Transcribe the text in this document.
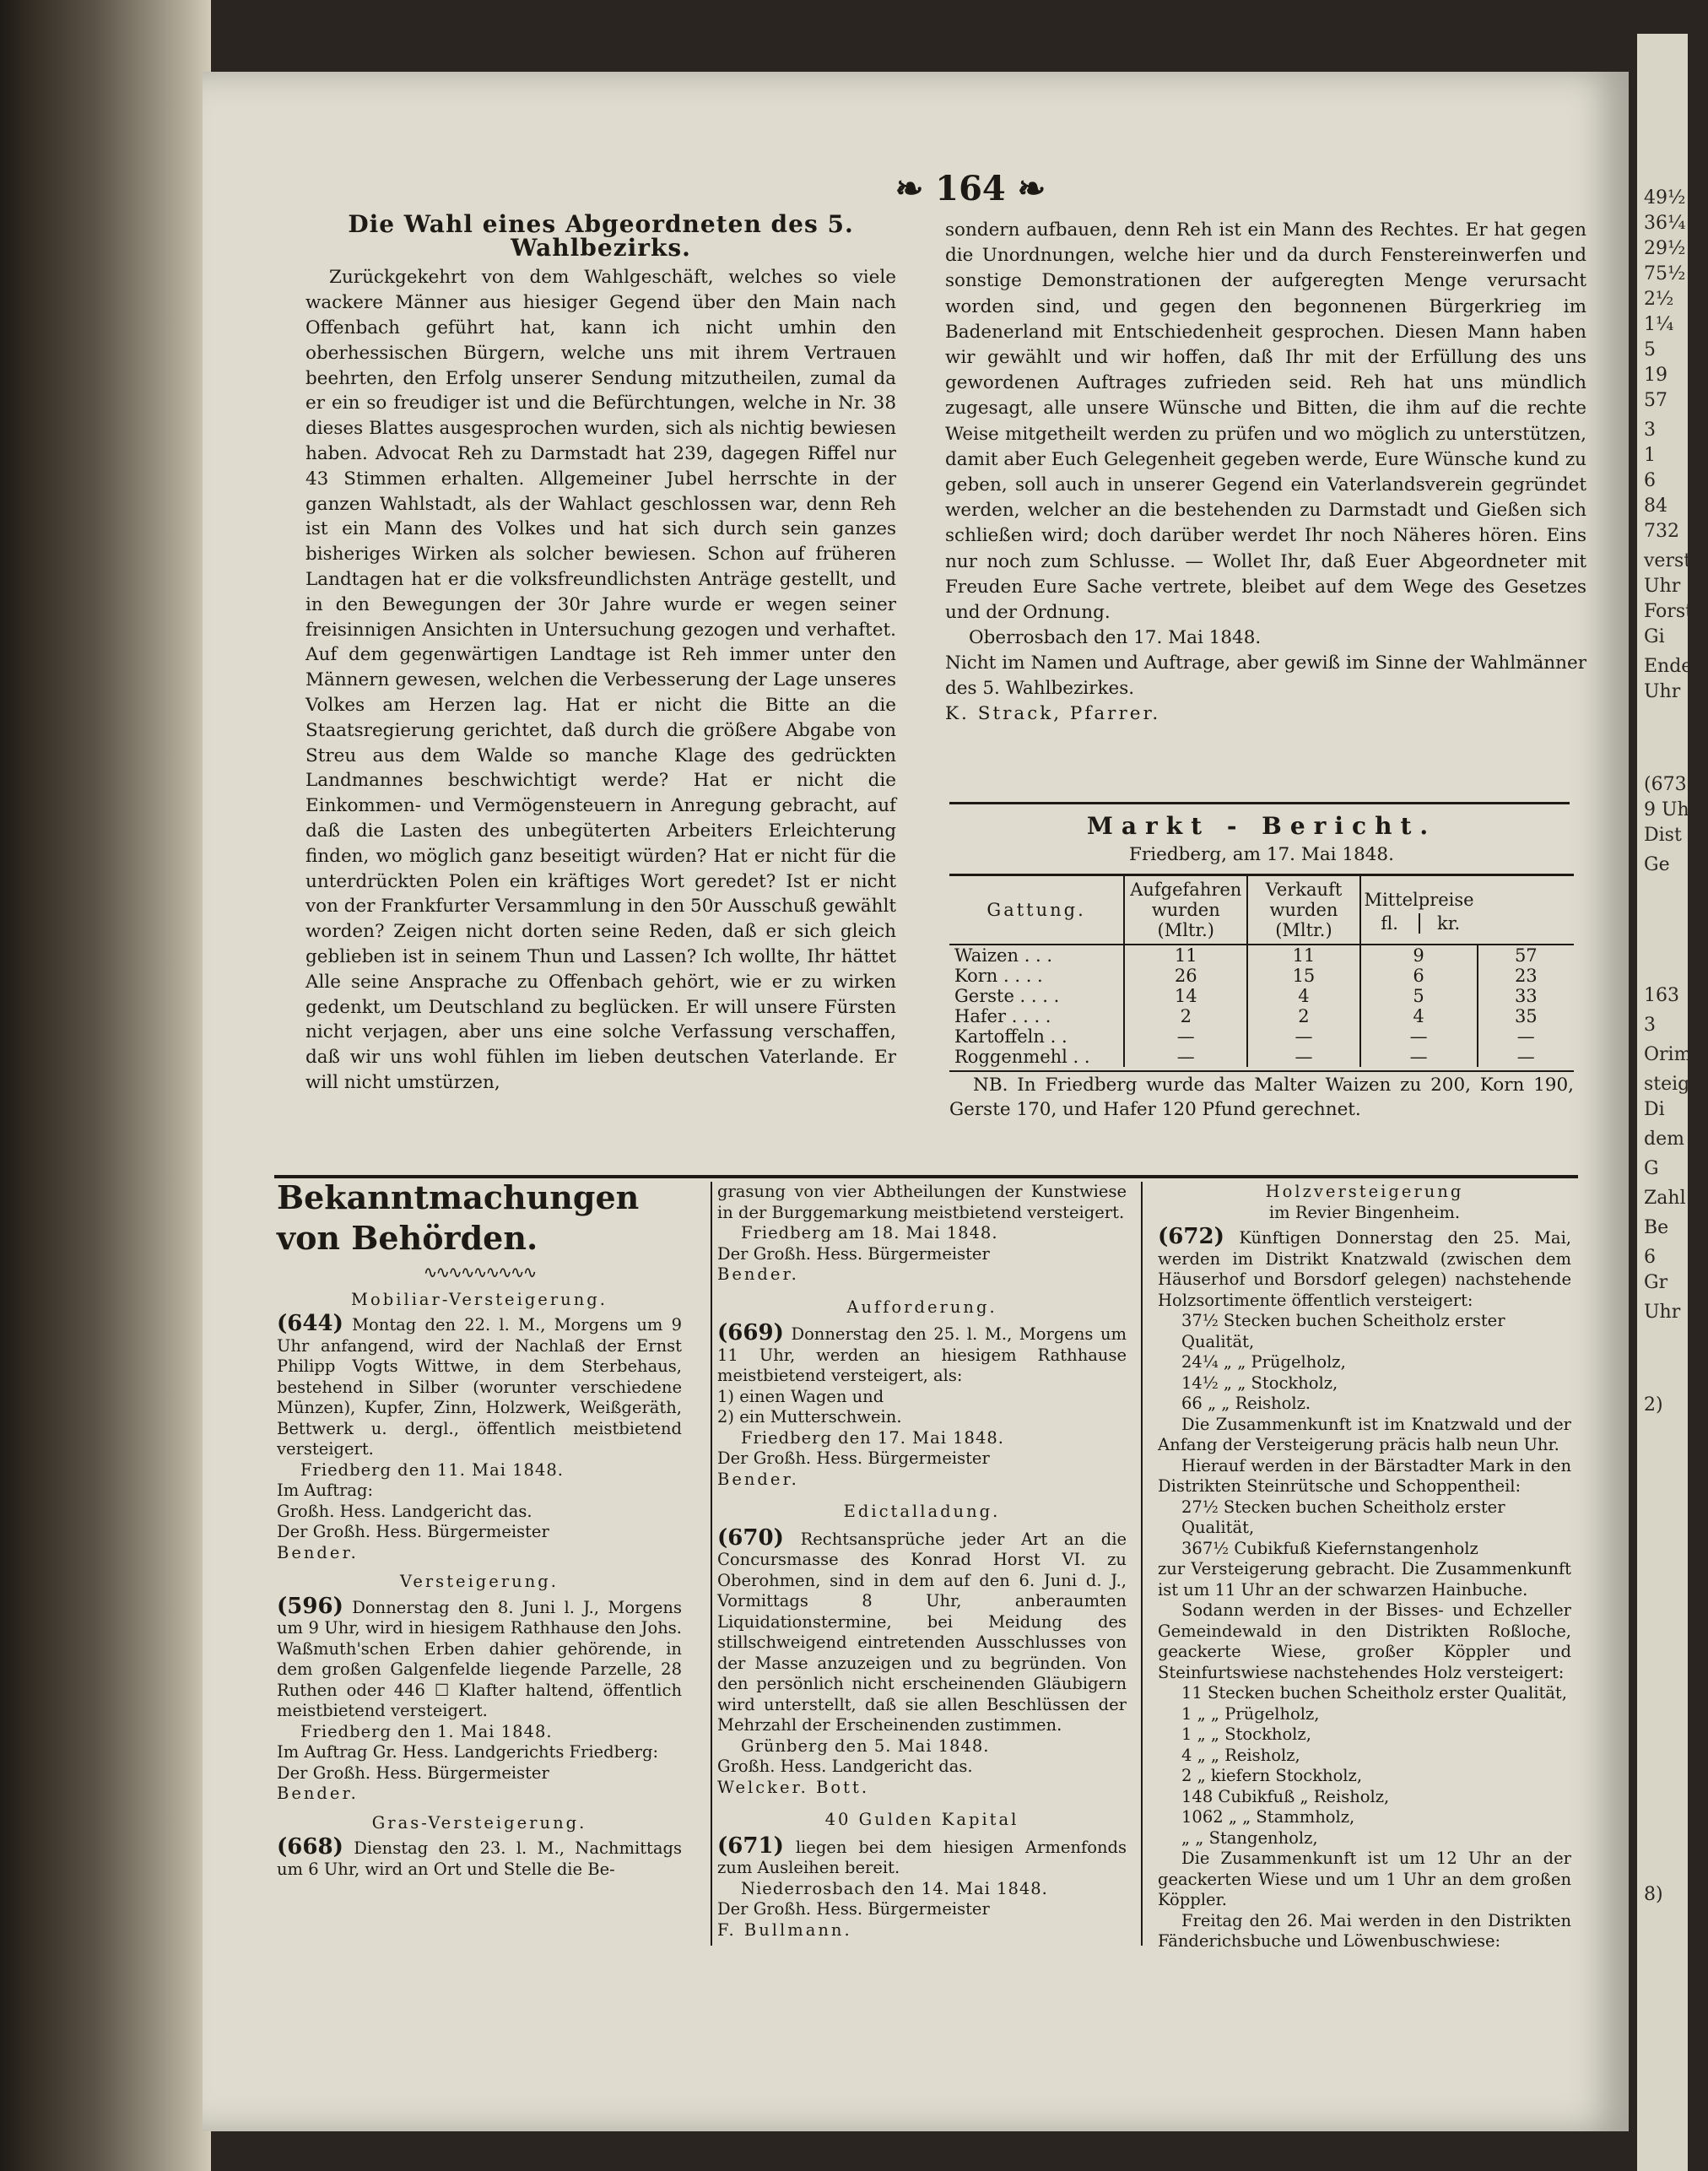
49½
36¼
29½
75½
2½
1¼
5
19
57
3
1
6
84
732
verstei
Uhr
Forst
Gi
Ende
Uhr
(673)
9 Uhr
Dist
Ge
163
3
Orim
steige
Di
dem (
G
Zahl
Be
6
Gr
Uhr
2)
8)
❧ 164 ❧
Die Wahl eines Abgeordneten des 5. Wahlbezirks.

Zurückgekehrt von dem Wahlgeschäft, welches so viele wackere Männer aus hiesiger Gegend über den Main nach Offenbach geführt hat, kann ich nicht umhin den oberhessischen Bürgern, welche uns mit ihrem Vertrauen beehrten, den Erfolg unserer Sendung mitzutheilen, zumal da er ein so freudiger ist und die Befürchtungen, welche in Nr. 38 dieses Blattes ausgesprochen wurden, sich als nichtig bewiesen haben. Advocat Reh zu Darmstadt hat 239, dagegen Riffel nur 43 Stimmen erhalten. Allgemeiner Jubel herrschte in der ganzen Wahlstadt, als der Wahlact geschlossen war, denn Reh ist ein Mann des Volkes und hat sich durch sein ganzes bisheriges Wirken als solcher bewiesen. Schon auf früheren Landtagen hat er die volksfreundlichsten Anträge gestellt, und in den Bewegungen der 30r Jahre wurde er wegen seiner freisinnigen Ansichten in Untersuchung gezogen und verhaftet. Auf dem gegenwärtigen Landtage ist Reh immer unter den Männern gewesen, welchen die Verbesserung der Lage unseres Volkes am Herzen lag. Hat er nicht die Bitte an die Staatsregierung gerichtet, daß durch die größere Abgabe von Streu aus dem Walde so manche Klage des gedrückten Landmannes beschwichtigt werde? Hat er nicht die Einkommen- und Vermögensteuern in Anregung gebracht, auf daß die Lasten des unbegüterten Arbeiters Erleichterung finden, wo möglich ganz beseitigt würden? Hat er nicht für die unterdrückten Polen ein kräftiges Wort geredet? Ist er nicht von der Frankfurter Versammlung in den 50r Ausschuß gewählt worden? Zeigen nicht dorten seine Reden, daß er sich gleich geblieben ist in seinem Thun und Lassen? Ich wollte, Ihr hättet Alle seine Ansprache zu Offenbach gehört, wie er zu wirken gedenkt, um Deutschland zu beglücken. Er will unsere Fürsten nicht verjagen, aber uns eine solche Verfassung verschaffen, daß wir uns wohl fühlen im lieben deutschen Vaterlande. Er will nicht umstürzen,

sondern aufbauen, denn Reh ist ein Mann des Rechtes. Er hat gegen die Unordnungen, welche hier und da durch Fenstereinwerfen und sonstige Demonstrationen der aufgeregten Menge verursacht worden sind, und gegen den begonnenen Bürgerkrieg im Badenerland mit Entschiedenheit gesprochen. Diesen Mann haben wir gewählt und wir hoffen, daß Ihr mit der Erfüllung des uns gewordenen Auftrages zufrieden seid. Reh hat uns mündlich zugesagt, alle unsere Wünsche und Bitten, die ihm auf die rechte Weise mitgetheilt werden zu prüfen und wo möglich zu unterstützen, damit aber Euch Gelegenheit gegeben werde, Eure Wünsche kund zu geben, soll auch in unserer Gegend ein Vaterlandsverein gegründet werden, welcher an die bestehenden zu Darmstadt und Gießen sich schließen wird; doch darüber werdet Ihr noch Näheres hören. Eins nur noch zum Schlusse. — Wollet Ihr, daß Euer Abgeordneter mit Freuden Eure Sache vertrete, bleibet auf dem Wege des Gesetzes und der Ordnung.

Oberrosbach den 17. Mai 1848.

Nicht im Namen und Auftrage, aber gewiß im Sinne der Wahlmänner des 5. Wahlbezirkes.

K. Strack, Pfarrer.

Markt - Bericht.
Friedberg, am 17. Mai 1848.
Gattung.	Aufgefahren wurden (Mltr.)	Verkauft wurden (Mltr.)	Mittelpreise
fl. kr.	

Waizen . . .	11	11	9	57
Korn . . . .	26	15	6	23
Gerste . . . .	14	4	5	33
Hafer . . . .	2	2	4	35
Kartoffeln . .	—	—	—	—
Roggenmehl . .	—	—	—	—

NB. In Friedberg wurde das Malter Waizen zu 200, Korn 190, Gerste 170, und Hafer 120 Pfund gerechnet.

Bekanntmachungen von Behörden.
∿∿∿∿∿∿∿∿∿
Mobiliar-Versteigerung.

(644) Montag den 22. l. M., Morgens um 9 Uhr anfangend, wird der Nachlaß der Ernst Philipp Vogts Wittwe, in dem Sterbehaus, bestehend in Silber (worunter verschiedene Münzen), Kupfer, Zinn, Holzwerk, Weißgeräth, Bettwerk u. dergl., öffentlich meistbietend versteigert.

Friedberg den 11. Mai 1848.

Im Auftrag:

Großh. Hess. Landgericht das.

Der Großh. Hess. Bürgermeister

Bender.

Versteigerung.

(596) Donnerstag den 8. Juni l. J., Morgens um 9 Uhr, wird in hiesigem Rathhause den Johs. Waßmuth'schen Erben dahier gehörende, in dem großen Galgenfelde liegende Parzelle, 28 Ruthen oder 446 ☐ Klafter haltend, öffentlich meistbietend versteigert.

Friedberg den 1. Mai 1848.

Im Auftrag Gr. Hess. Landgerichts Friedberg:

Der Großh. Hess. Bürgermeister

Bender.

Gras-Versteigerung.

(668) Dienstag den 23. l. M., Nachmittags um 6 Uhr, wird an Ort und Stelle die Be-

grasung von vier Abtheilungen der Kunstwiese in der Burggemarkung meistbietend versteigert.

Friedberg am 18. Mai 1848.

Der Großh. Hess. Bürgermeister

Bender.

Aufforderung.

(669) Donnerstag den 25. l. M., Morgens um 11 Uhr, werden an hiesigem Rathhause meistbietend versteigert, als:

1) einen Wagen und

2) ein Mutterschwein.

Friedberg den 17. Mai 1848.

Der Großh. Hess. Bürgermeister

Bender.

Edictalladung.

(670) Rechtsansprüche jeder Art an die Concursmasse des Konrad Horst VI. zu Oberohmen, sind in dem auf den 6. Juni d. J., Vormittags 8 Uhr, anberaumten Liquidationstermine, bei Meidung des stillschweigend eintretenden Ausschlusses von der Masse anzuzeigen und zu begründen. Von den persönlich nicht erscheinenden Gläubigern wird unterstellt, daß sie allen Beschlüssen der Mehrzahl der Erscheinenden zustimmen.

Grünberg den 5. Mai 1848.

Großh. Hess. Landgericht das.

Welcker. Bott.

40 Gulden Kapital

(671) liegen bei dem hiesigen Armenfonds zum Ausleihen bereit.

Niederrosbach den 14. Mai 1848.

Der Großh. Hess. Bürgermeister

F. Bullmann.

Holzversteigerung
im Revier Bingenheim.

(672) Künftigen Donnerstag den 25. Mai, werden im Distrikt Knatzwald (zwischen dem Häuserhof und Borsdorf gelegen) nachstehende Holzsortimente öffentlich versteigert:

37½ Stecken buchen Scheitholz erster Qualität,
24¼ „ „ Prügelholz,
14½ „ „ Stockholz,
66 „ „ Reisholz.

Die Zusammenkunft ist im Knatzwald und der Anfang der Versteigerung präcis halb neun Uhr.

Hierauf werden in der Bärstadter Mark in den Distrikten Steinrütsche und Schoppentheil:

27½ Stecken buchen Scheitholz erster Qualität,
367½ Cubikfuß Kiefernstangenholz

zur Versteigerung gebracht. Die Zusammenkunft ist um 11 Uhr an der schwarzen Hainbuche.

Sodann werden in der Bisses- und Echzeller Gemeindewald in den Distrikten Roßloche, geackerte Wiese, großer Köppler und Steinfurtswiese nachstehendes Holz versteigert:

11 Stecken buchen Scheitholz erster Qualität,
1 „ „ Prügelholz,
1 „ „ Stockholz,
4 „ „ Reisholz,
2 „ kiefern Stockholz,
148 Cubikfuß „ Reisholz,
1062 „ „ Stammholz,
„ „ Stangenholz,

Die Zusammenkunft ist um 12 Uhr an der geackerten Wiese und um 1 Uhr an dem großen Köppler.

Freitag den 26. Mai werden in den Distrikten Fänderichsbuche und Löwenbuschwiese:
